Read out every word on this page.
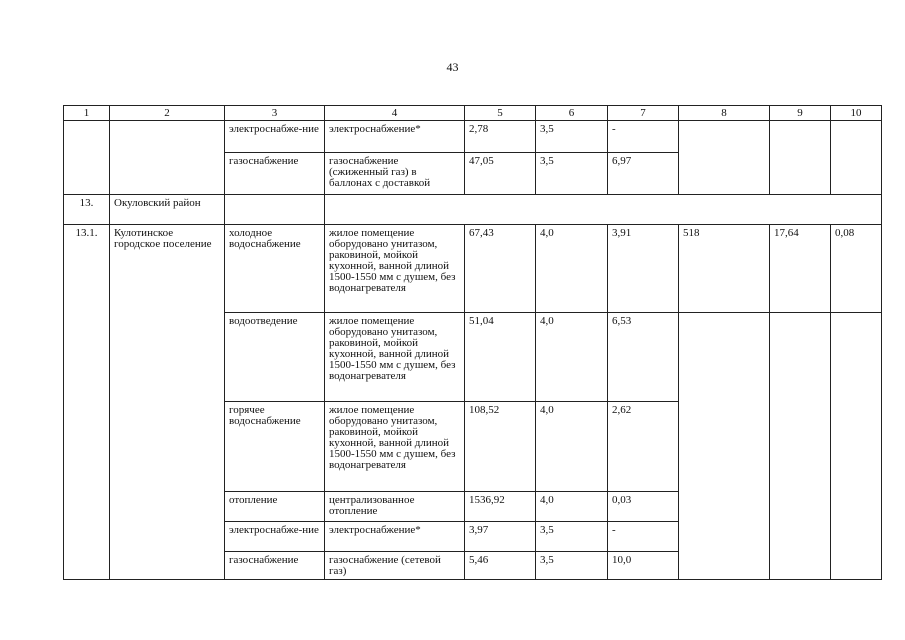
43
1	2	3	4	5	6	7	8	9	10
		электроснабже-ние	электроснабжение*	2,78	3,5	-			
		газоснабжение	газоснабжение (сжиженный газ) в баллонах с доставкой	47,05	3,5	6,97			
13.	Окуловский район								
13.1.	Кулотинское городское поселение	холодное водоснабжение	жилое помещение оборудовано унитазом, раковиной, мойкой кухонной, ванной длиной 1500-1550 мм с душем, без водонагревателя	67,43	4,0	3,91	518	17,64	0,08
		водоотведение	жилое помещение оборудовано унитазом, раковиной, мойкой кухонной, ванной длиной 1500-1550 мм с душем, без водонагревателя	51,04	4,0	6,53			
		горячее водоснабжение	жилое помещение оборудовано унитазом, раковиной, мойкой кухонной, ванной длиной 1500-1550 мм с душем, без водонагревателя	108,52	4,0	2,62			
		отопление	централизованное отопление	1536,92	4,0	0,03			
		электроснабже-ние	электроснабжение*	3,97	3,5	-			
		газоснабжение	газоснабжение (сетевой газ)	5,46	3,5	10,0			
